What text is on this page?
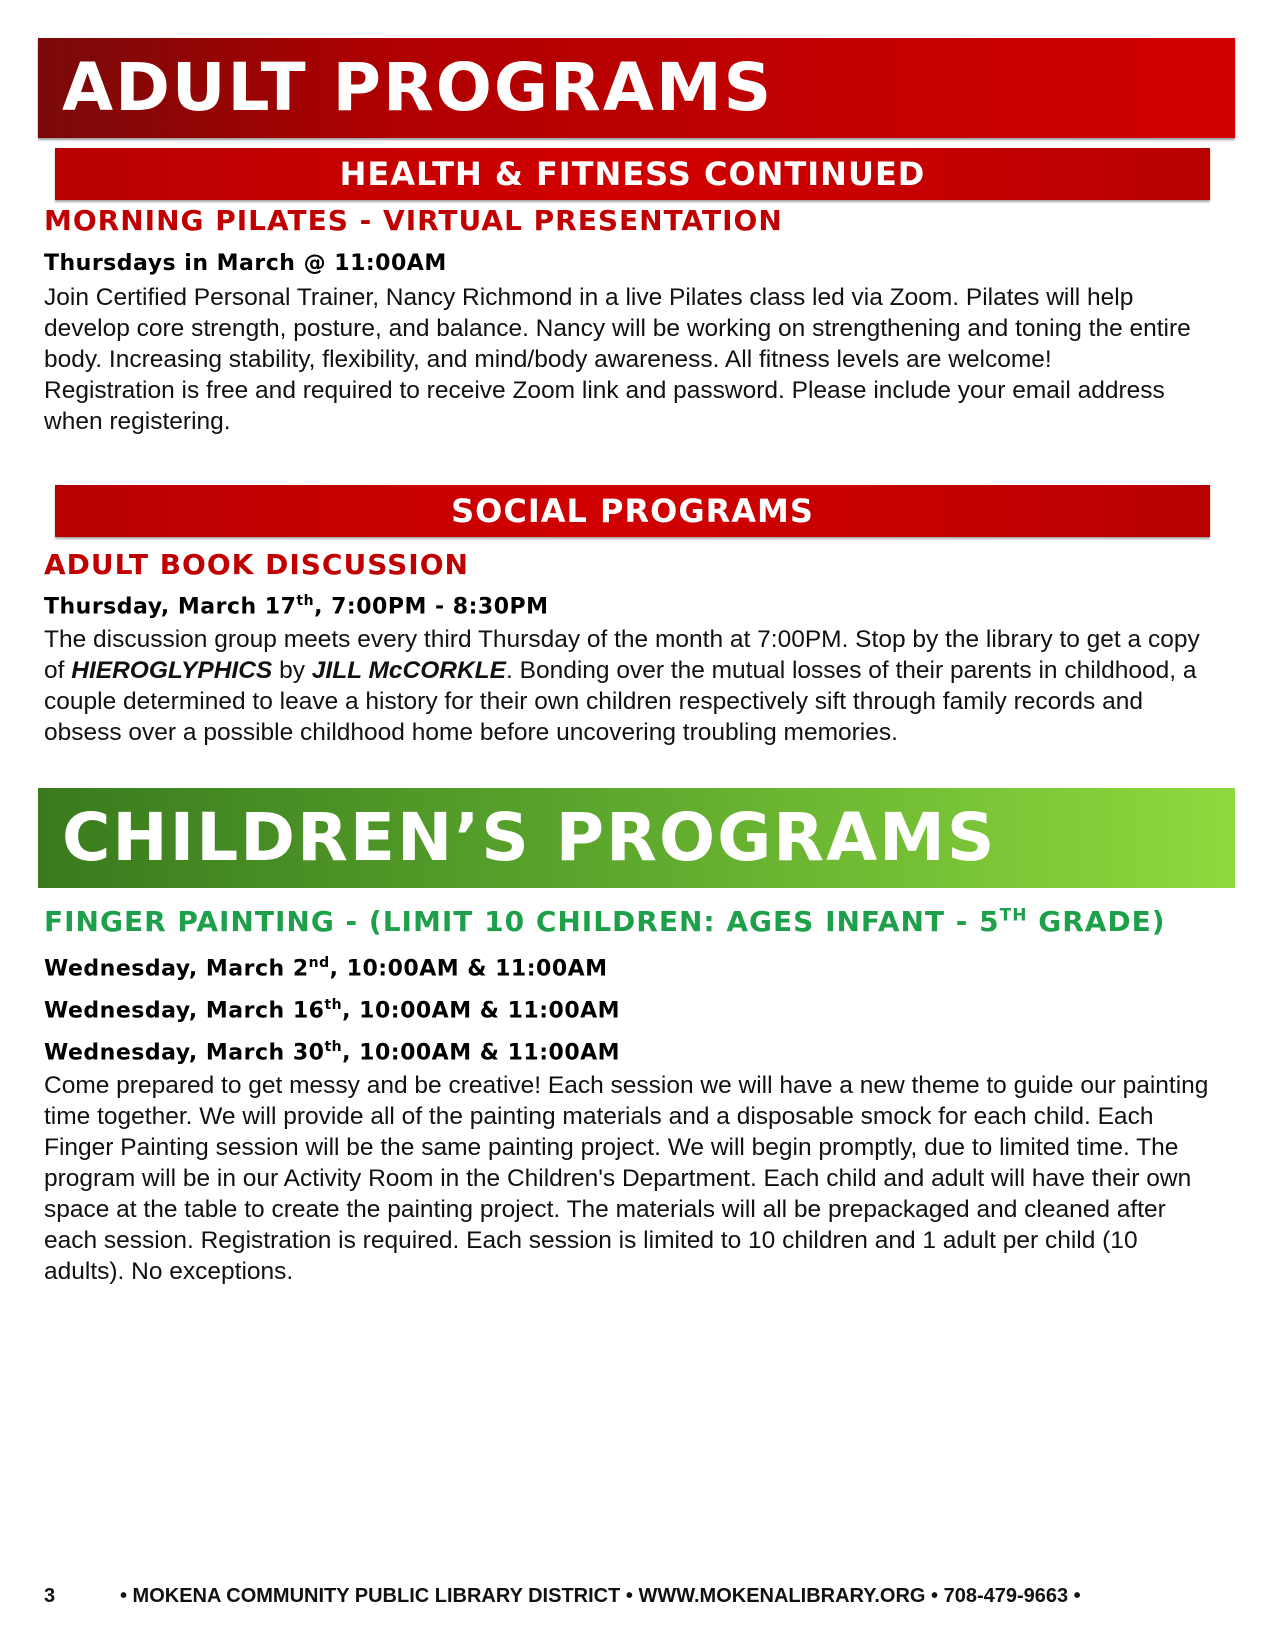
ADULT PROGRAMS
HEALTH & FITNESS CONTINUED
MORNING PILATES - VIRTUAL PRESENTATION

Thursdays in March @ 11:00AM

Join Certified Personal Trainer, Nancy Richmond in a live Pilates class led via Zoom. Pilates will help develop core strength, posture, and balance. Nancy will be working on strengthening and toning the entire body. Increasing stability, flexibility, and mind/body awareness. All fitness levels are welcome!
Registration is free and required to receive Zoom link and password. Please include your email address when registering.

SOCIAL PROGRAMS
ADULT BOOK DISCUSSION

Thursday, March 17th, 7:00PM - 8:30PM

The discussion group meets every third Thursday of the month at 7:00PM. Stop by the library to get a copy of HIEROGLYPHICS by JILL McCORKLE. Bonding over the mutual losses of their parents in childhood, a couple determined to leave a history for their own children respectively sift through family records and obsess over a possible childhood home before uncovering troubling memories.

CHILDREN’S PROGRAMS
FINGER PAINTING - (LIMIT 10 CHILDREN: AGES INFANT - 5TH GRADE)

Wednesday, March 2nd, 10:00AM & 11:00AM

Wednesday, March 16th, 10:00AM & 11:00AM

Wednesday, March 30th, 10:00AM & 11:00AM

Come prepared to get messy and be creative! Each session we will have a new theme to guide our painting time together. We will provide all of the painting materials and a disposable smock for each child. Each Finger Painting session will be the same painting project. We will begin promptly, due to limited time. The program will be in our Activity Room in the Children's Department. Each child and adult will have their own space at the table to create the painting project. The materials will all be prepackaged and cleaned after each session. Registration is required. Each session is limited to 10 children and 1 adult per child (10 adults). No exceptions.

3	• MOKENA COMMUNITY PUBLIC LIBRARY DISTRICT • WWW.MOKENALIBRARY.ORG • 708-479-9663 •
